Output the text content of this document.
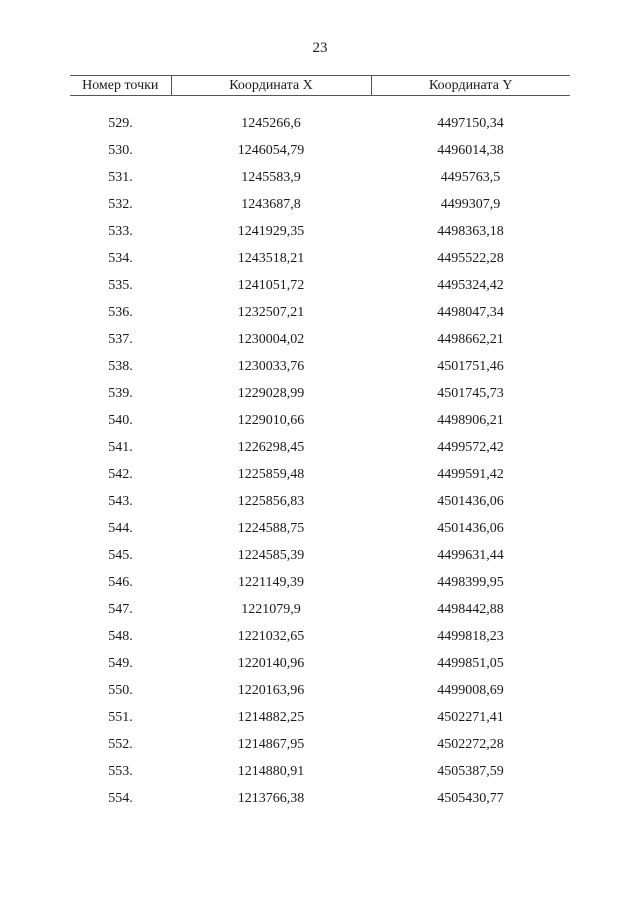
23
Номер точки	Координата X	Координата Y

529.	1245266,6	4497150,34
530.	1246054,79	4496014,38
531.	1245583,9	4495763,5
532.	1243687,8	4499307,9
533.	1241929,35	4498363,18
534.	1243518,21	4495522,28
535.	1241051,72	4495324,42
536.	1232507,21	4498047,34
537.	1230004,02	4498662,21
538.	1230033,76	4501751,46
539.	1229028,99	4501745,73
540.	1229010,66	4498906,21
541.	1226298,45	4499572,42
542.	1225859,48	4499591,42
543.	1225856,83	4501436,06
544.	1224588,75	4501436,06
545.	1224585,39	4499631,44
546.	1221149,39	4498399,95
547.	1221079,9	4498442,88
548.	1221032,65	4499818,23
549.	1220140,96	4499851,05
550.	1220163,96	4499008,69
551.	1214882,25	4502271,41
552.	1214867,95	4502272,28
553.	1214880,91	4505387,59
554.	1213766,38	4505430,77
